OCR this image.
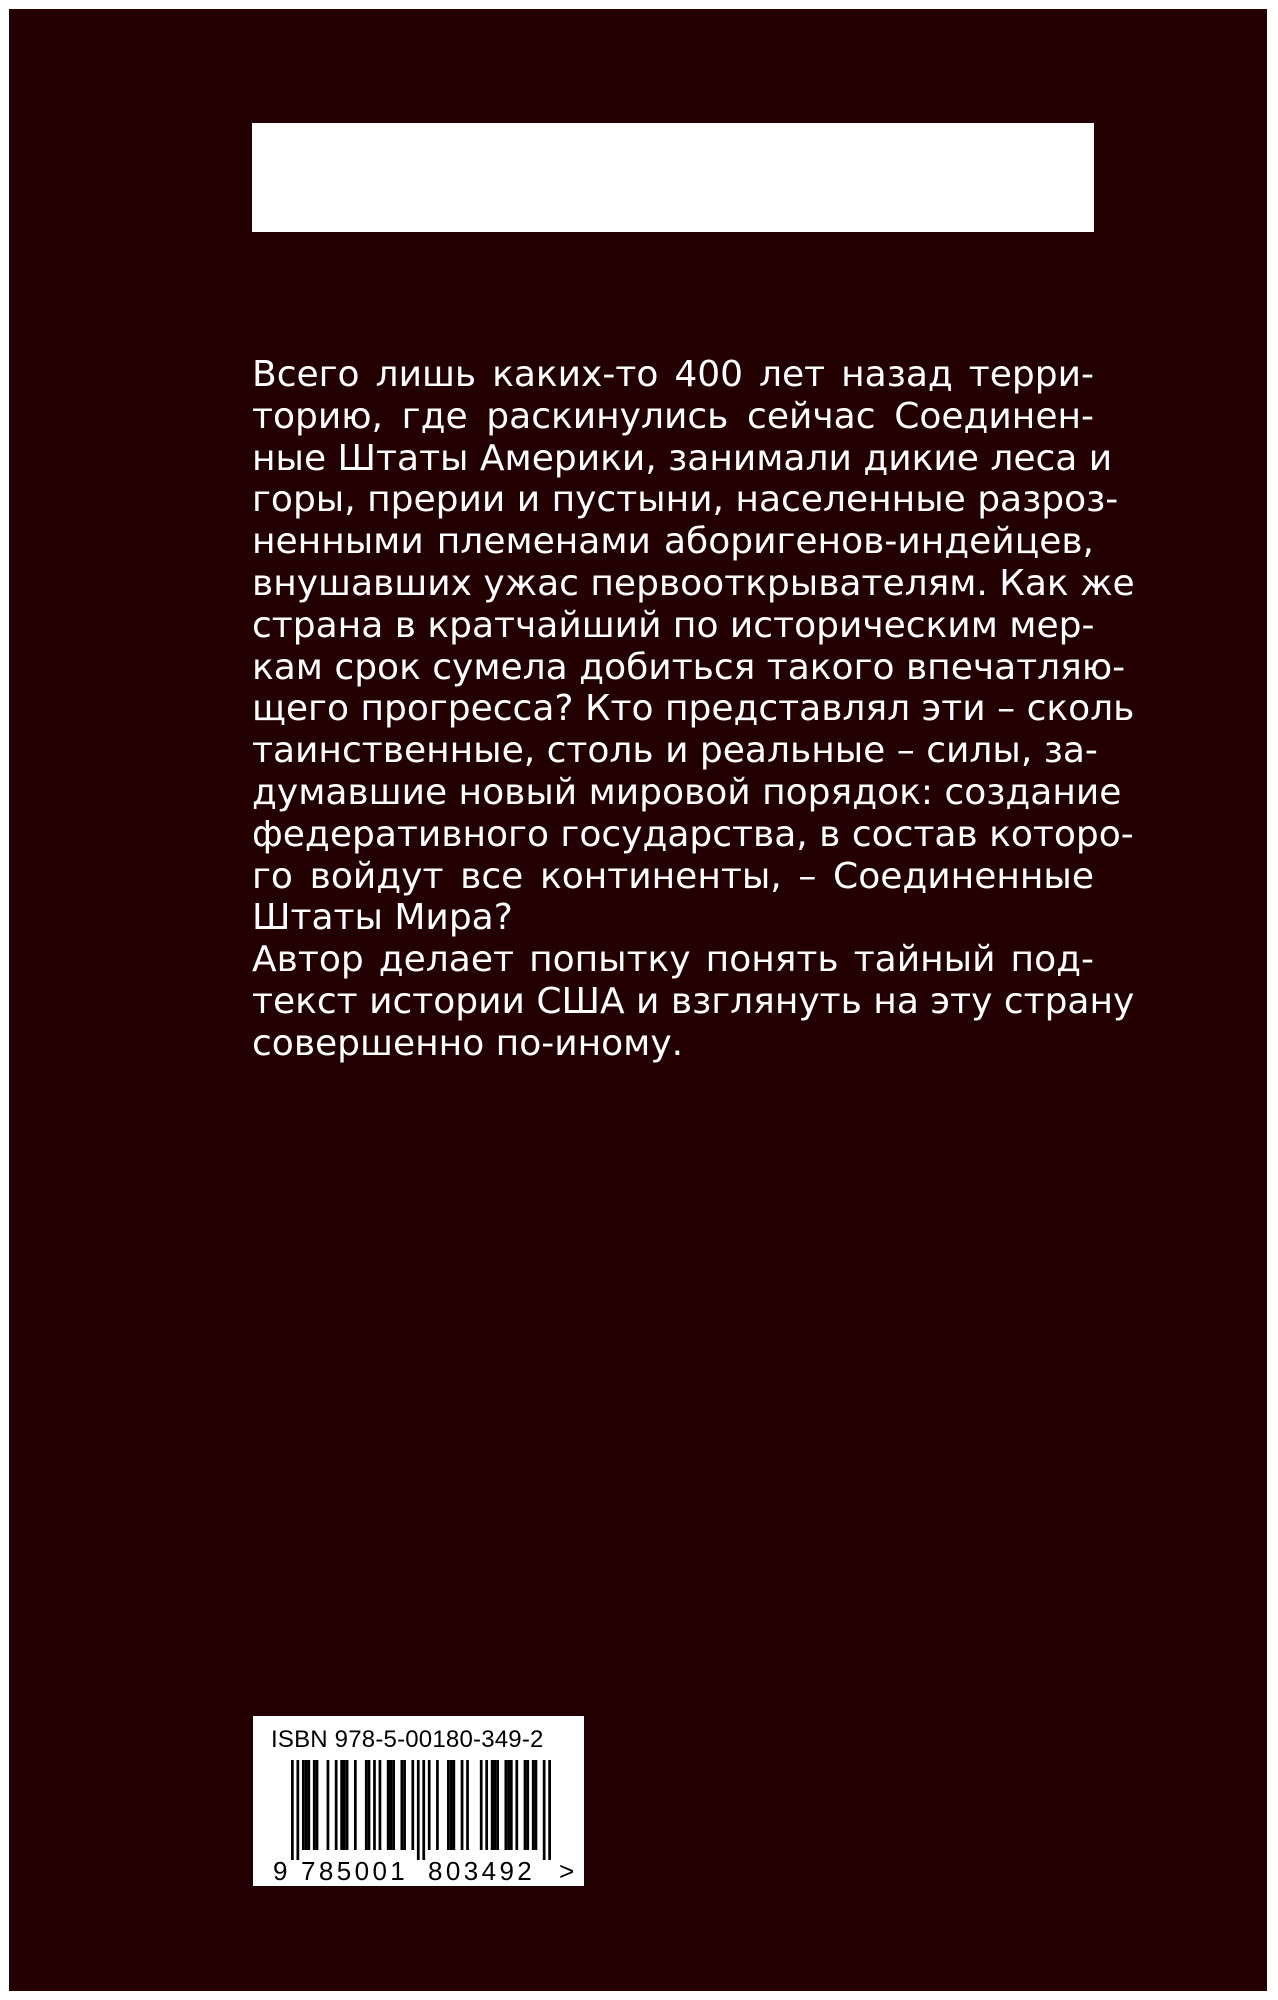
Всего лишь каких-то 400 лет назад терри-
торию, где раскинулись сейчас Соединен-
ные Штаты Америки, занимали дикие леса и
горы, прерии и пустыни, населенные разроз-
ненными племенами аборигенов-индейцев,
внушавших ужас первооткрывателям. Как же
страна в кратчайший по историческим мер-
кам срок сумела добиться такого впечатляю-
щего прогресса? Кто представлял эти – сколь
таинственные, столь и реальные – силы, за-
думавшие новый мировой порядок: создание
федеративного государства, в состав которо-
го войдут все континенты, – Соединенные
Штаты Мира?
Автор делает попытку понять тайный под-
текст истории США и взглянуть на эту страну
совершенно по-иному.
ISBN 978-5-00180-349-2
9 785001 803492 >
